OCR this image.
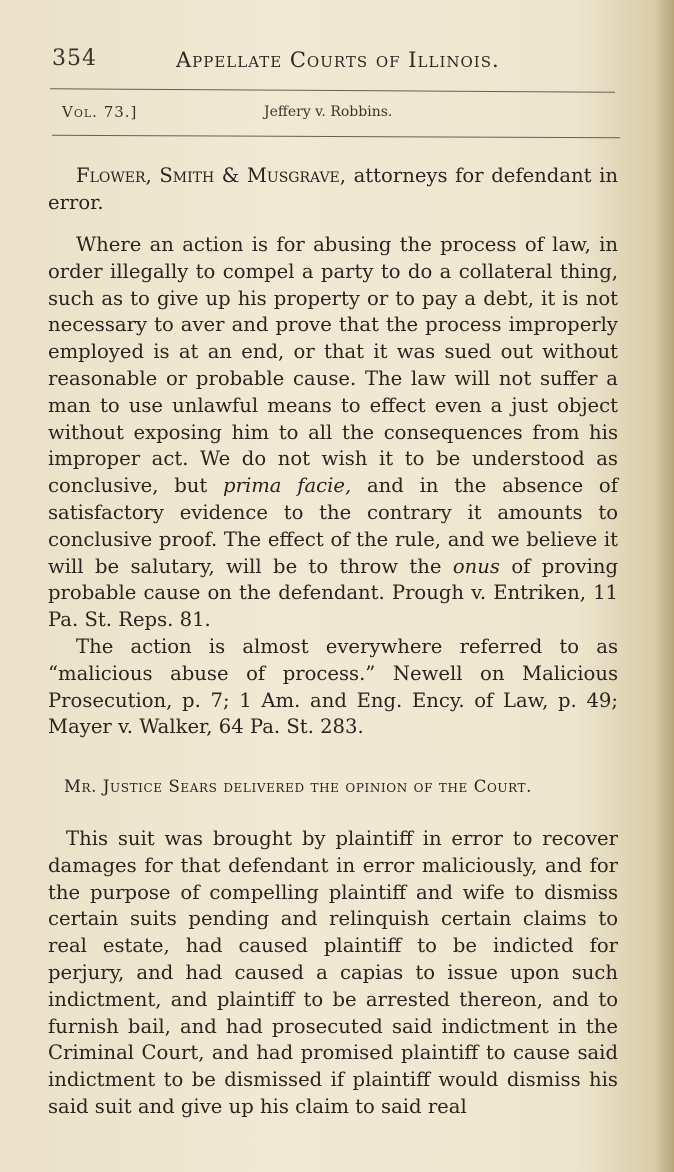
354	Appellate Courts of Illinois.
Vol. 73.]	Jeffery v. Robbins.
Flower, Smith & Musgrave, attorneys for defendant in error.

Where an action is for abusing the process of law, in order illegally to compel a party to do a collateral thing, such as to give up his property or to pay a debt, it is not necessary to aver and prove that the process improperly employed is at an end, or that it was sued out without reasonable or probable cause. The law will not suffer a man to use unlawful means to effect even a just object without exposing him to all the consequences from his improper act. We do not wish it to be understood as conclusive, but prima facie, and in the absence of satisfactory evidence to the contrary it amounts to conclusive proof. The effect of the rule, and we believe it will be salutary, will be to throw the onus of proving probable cause on the defendant. Prough v. Entriken, 11 Pa. St. Reps. 81.

The action is almost everywhere referred to as “malicious abuse of process.” Newell on Malicious Prosecution, p. 7; 1 Am. and Eng. Ency. of Law, p. 49; Mayer v. Walker, 64 Pa. St. 283.

Mr. Justice Sears delivered the opinion of the Court.

This suit was brought by plaintiff in error to recover damages for that defendant in error maliciously, and for the purpose of compelling plaintiff and wife to dismiss certain suits pending and relinquish certain claims to real estate, had caused plaintiff to be indicted for perjury, and had caused a capias to issue upon such indictment, and plaintiff to be arrested thereon, and to furnish bail, and had prosecuted said indictment in the Criminal Court, and had promised plaintiff to cause said indictment to be dismissed if plaintiff would dismiss his said suit and give up his claim to said real
